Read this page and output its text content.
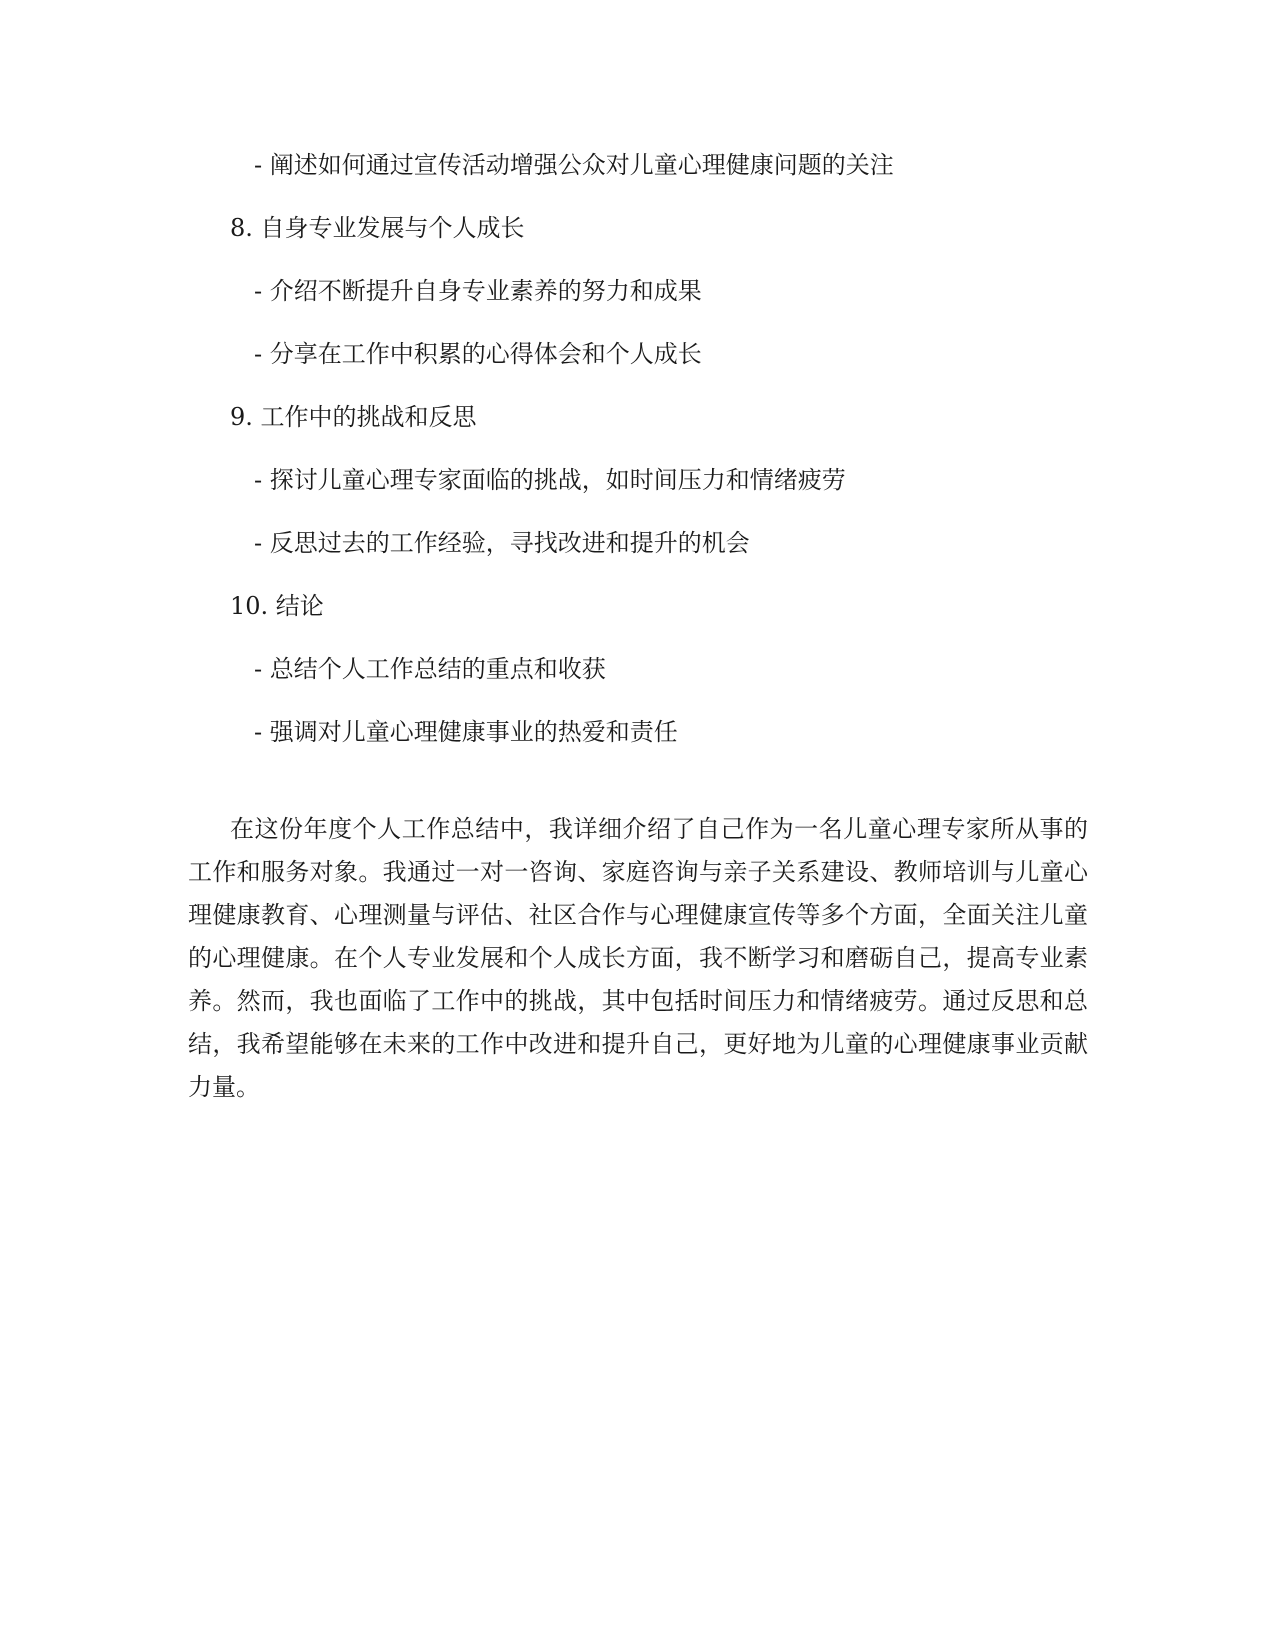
- 阐述如何通过宣传活动增强公众对儿童心理健康问题的关注
8. 自身专业发展与个人成长
- 介绍不断提升自身专业素养的努力和成果
- 分享在工作中积累的心得体会和个人成长
9. 工作中的挑战和反思
- 探讨儿童心理专家面临的挑战，如时间压力和情绪疲劳
- 反思过去的工作经验，寻找改进和提升的机会
10. 结论
- 总结个人工作总结的重点和收获
- 强调对儿童心理健康事业的热爱和责任

在这份年度个人工作总结中，我详细介绍了自己作为一名儿童心理专家所从事的工作和服务对象。我通过一对一咨询、家庭咨询与亲子关系建设、教师培训与儿童心理健康教育、心理测量与评估、社区合作与心理健康宣传等多个方面，全面关注儿童的心理健康。在个人专业发展和个人成长方面，我不断学习和磨砺自己，提高专业素养。然而，我也面临了工作中的挑战，其中包括时间压力和情绪疲劳。通过反思和总结，我希望能够在未来的工作中改进和提升自己，更好地为儿童的心理健康事业贡献力量。
